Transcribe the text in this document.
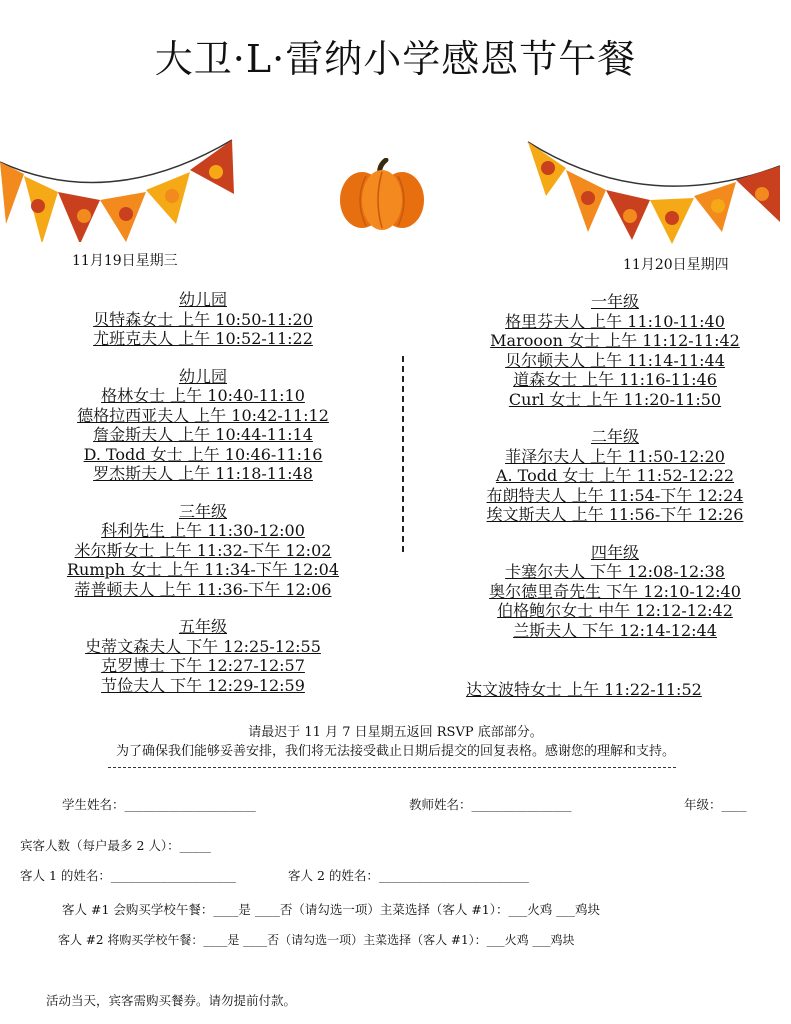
大卫·L·雷纳小学感恩节午餐
11月19日星期三	11月20日星期四
幼儿园
贝特森女士 上午 10:50-11:20
尤班克夫人 上午 10:52-11:22
幼儿园
格林女士 上午 10:40-11:10
德格拉西亚夫人 上午 10:42-11:12
詹金斯夫人 上午 10:44-11:14
D. Todd 女士 上午 10:46-11:16
罗杰斯夫人 上午 11:18-11:48
三年级
科利先生 上午 11:30-12:00
米尔斯女士 上午 11:32-下午 12:02
Rumph 女士 上午 11:34-下午 12:04
蒂普顿夫人 上午 11:36-下午 12:06
五年级
史蒂文森夫人 下午 12:25-12:55
克罗博士 下午 12:27-12:57
节俭夫人 下午 12:29-12:59
一年级
格里芬夫人 上午 11:10-11:40
Marooon 女士 上午 11:12-11:42
贝尔顿夫人 上午 11:14-11:44
道森女士 上午 11:16-11:46
Curl 女士 上午 11:20-11:50
二年级
菲泽尔夫人 上午 11:50-12:20
A. Todd 女士 上午 11:52-12:22
布朗特夫人 上午 11:54-下午 12:24
埃文斯夫人 上午 11:56-下午 12:26
四年级
卡塞尔夫人 下午 12:08-12:38
奥尔德里奇先生 下午 12:10-12:40
伯格鲍尔女士 中午 12:12-12:42
兰斯夫人 下午 12:14-12:44
达文波特女士 上午 11:22-11:52
请最迟于 11 月 7 日星期五返回 RSVP 底部部分。
为了确保我们能够妥善安排，我们将无法接受截止日期后提交的回复表格。感谢您的理解和支持。
学生姓名：_____________________	教师姓名：________________	年级：____
宾客人数（每户最多 2 人）：_____
客人 1 的姓名：____________________	客人 2 的姓名：________________________
客人 #1 会购买学校午餐：____是 ____否（请勾选一项）主菜选择（客人 #1）：___火鸡 ___鸡块
客人 #2 将购买学校午餐：____是 ____否（请勾选一项）主菜选择（客人 #1）：___火鸡 ___鸡块
活动当天，宾客需购买餐券。请勿提前付款。
